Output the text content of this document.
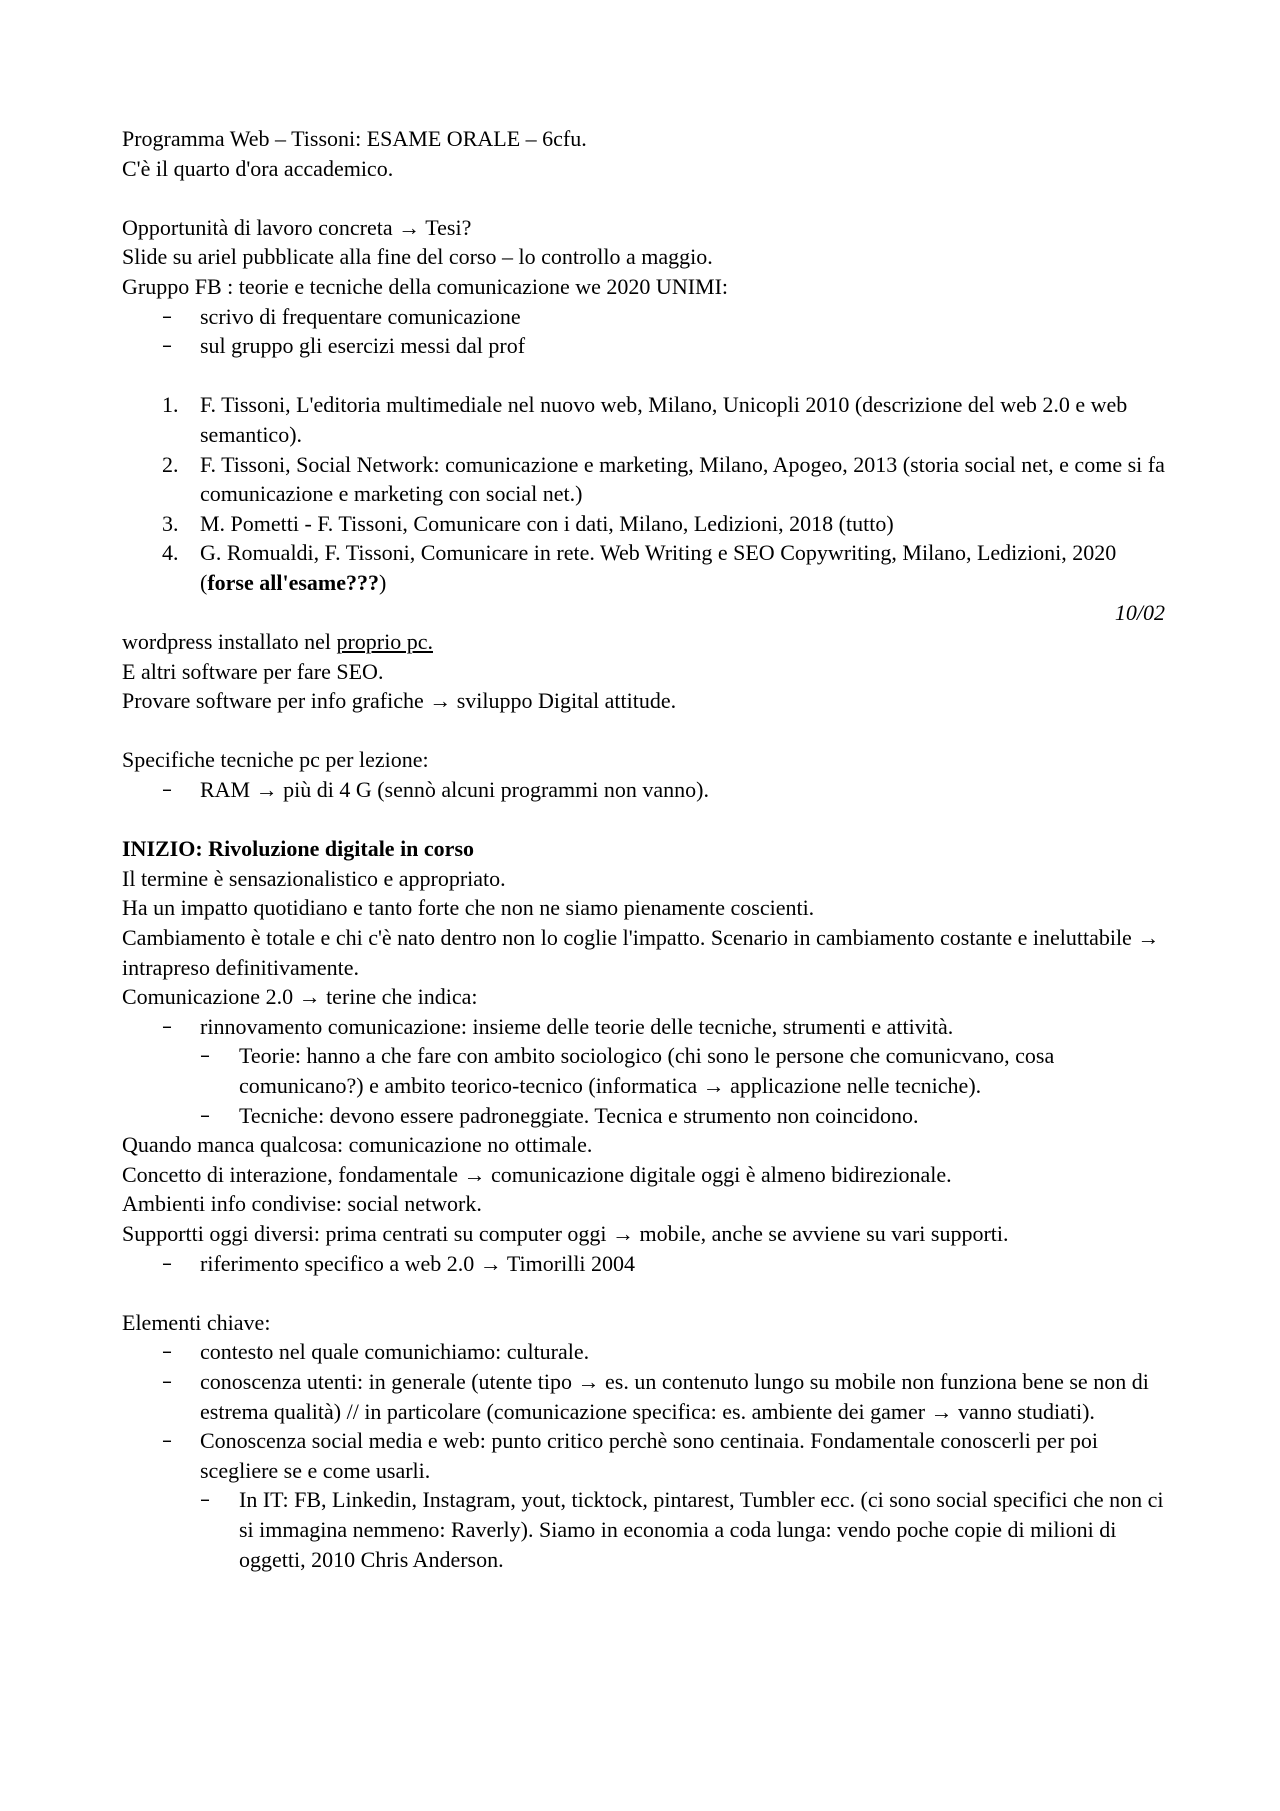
Programma Web – Tissoni: ESAME ORALE – 6cfu.

C'è il quarto d'ora accademico.

Opportunità di lavoro concreta → Tesi?

Slide su ariel pubblicate alla fine del corso – lo controllo a maggio.

Gruppo FB : teorie e tecniche della comunicazione we 2020 UNIMI:

– scrivo di frequentare comunicazione
– sul gruppo gli esercizi messi dal prof
1. F. Tissoni, L'editoria multimediale nel nuovo web, Milano, Unicopli 2010 (descrizione del web 2.0 e web semantico).
2. F. Tissoni, Social Network: comunicazione e marketing, Milano, Apogeo, 2013 (storia social net, e come si fa comunicazione e marketing con social net.)
3. M. Pometti - F. Tissoni, Comunicare con i dati, Milano, Ledizioni, 2018 (tutto)
4. G. Romualdi, F. Tissoni, Comunicare in rete. Web Writing e SEO Copywriting, Milano, Ledizioni, 2020 (forse all'esame???)

10/02

wordpress installato nel proprio pc.

E altri software per fare SEO.

Provare software per info grafiche → sviluppo Digital attitude.

Specifiche tecniche pc per lezione:

– RAM → più di 4 G (sennò alcuni programmi non vanno).

INIZIO: Rivoluzione digitale in corso

Il termine è sensazionalistico e appropriato.

Ha un impatto quotidiano e tanto forte che non ne siamo pienamente coscienti.

Cambiamento è totale e chi c'è nato dentro non lo coglie l'impatto. Scenario in cambiamento costante e ineluttabile → intrapreso definitivamente.

Comunicazione 2.0 → terine che indica:

– rinnovamento comunicazione: insieme delle teorie delle tecniche, strumenti e attività.
– Teorie: hanno a che fare con ambito sociologico (chi sono le persone che comunicvano, cosa comunicano?) e ambito teorico-tecnico (informatica → applicazione nelle tecniche).
– Tecniche: devono essere padroneggiate. Tecnica e strumento non coincidono.

Quando manca qualcosa: comunicazione no ottimale.

Concetto di interazione, fondamentale → comunicazione digitale oggi è almeno bidirezionale.

Ambienti info condivise: social network.

Supportti oggi diversi: prima centrati su computer oggi → mobile, anche se avviene su vari supporti.

– riferimento specifico a web 2.0 → Timorilli 2004

Elementi chiave:

– contesto nel quale comunichiamo: culturale.
– conoscenza utenti: in generale (utente tipo → es. un contenuto lungo su mobile non funziona bene se non di estrema qualità) // in particolare (comunicazione specifica: es. ambiente dei gamer → vanno studiati).
– Conoscenza social media e web: punto critico perchè sono centinaia. Fondamentale conoscerli per poi scegliere se e come usarli.
– In IT: FB, Linkedin, Instagram, yout, ticktock, pintarest, Tumbler ecc. (ci sono social specifici che non ci si immagina nemmeno: Raverly). Siamo in economia a coda lunga: vendo poche copie di milioni di oggetti, 2010 Chris Anderson.
